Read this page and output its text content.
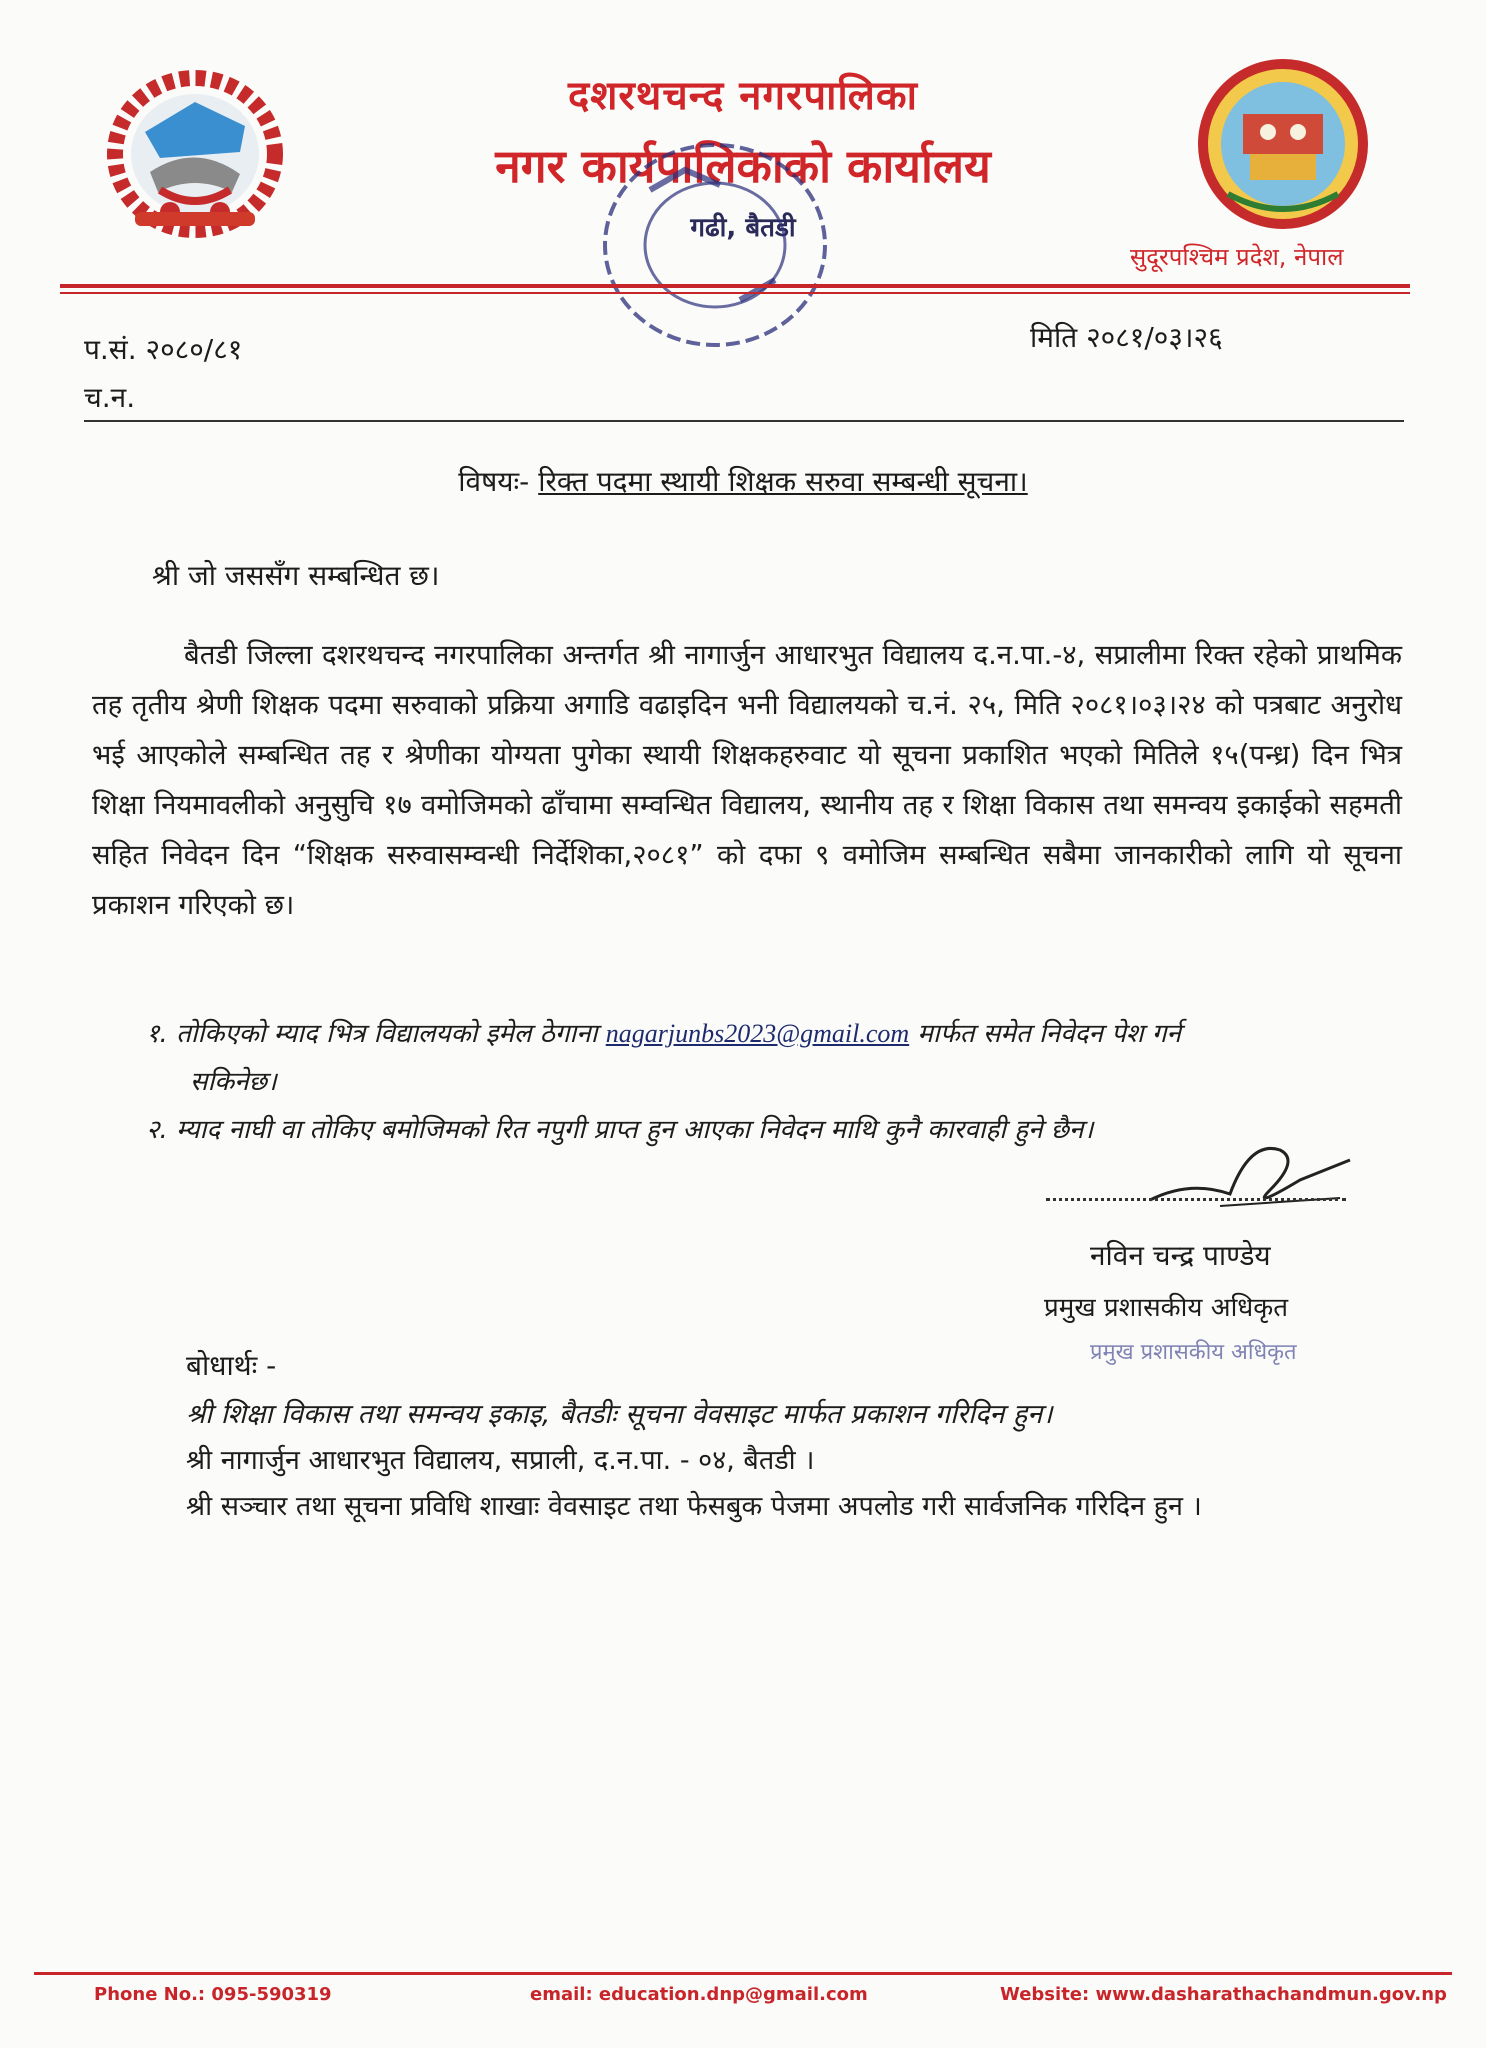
दशरथचन्द नगरपालिका
नगर कार्यपालिकाको कार्यालय
गढी, बैतडी
सुदूरपश्चिम प्रदेश, नेपाल
प.सं. २०८०/८१
च.न.
मिति २०८१/०३।२६
विषयः- रिक्त पदमा स्थायी शिक्षक सरुवा सम्बन्धी सूचना।
श्री जो जससँग सम्बन्धित छ।
बैतडी जिल्ला दशरथचन्द नगरपालिका अन्तर्गत श्री नागार्जुन आधारभुत विद्यालय द.न.पा.-४, सप्रालीमा रिक्त रहेको प्राथमिक तह तृतीय श्रेणी शिक्षक पदमा सरुवाको प्रक्रिया अगाडि वढाइदिन भनी विद्यालयको च.नं. २५, मिति २०८१।०३।२४ को पत्रबाट अनुरोध भई आएकोले सम्बन्धित तह र श्रेणीका योग्यता पुगेका स्थायी शिक्षकहरुवाट यो सूचना प्रकाशित भएको मितिले १५(पन्ध्र) दिन भित्र शिक्षा नियमावलीको अनुसुचि १७ वमोजिमको ढाँचामा सम्वन्धित विद्यालय, स्थानीय तह र शिक्षा विकास तथा समन्वय इकाईको सहमती सहित निवेदन दिन “शिक्षक सरुवासम्वन्धी निर्देशिका,२०८१” को दफा ९ वमोजिम सम्बन्धित सबैमा जानकारीको लागि यो सूचना प्रकाशन गरिएको छ।
१. तोकिएको म्याद भित्र विद्यालयको इमेल ठेगाना nagarjunbs2023@gmail.com मार्फत समेत निवेदन पेश गर्न
सकिनेछ।
२. म्याद नाघी वा तोकिए बमोजिमको रित नपुगी प्राप्त हुन आएका निवेदन माथि कुनै कारवाही हुने छैन।
नविन चन्द्र पाण्डेय
प्रमुख प्रशासकीय अधिकृत
प्रमुख प्रशासकीय अधिकृत
बोधार्थः -
श्री शिक्षा विकास तथा समन्वय इकाइ, बैतडीः सूचना वेवसाइट मार्फत प्रकाशन गरिदिन हुन।
श्री नागार्जुन आधारभुत विद्यालय, सप्राली, द.न.पा. - ०४, बैतडी ।
श्री सञ्चार तथा सूचना प्रविधि शाखाः वेवसाइट तथा फेसबुक पेजमा अपलोड गरी सार्वजनिक गरिदिन हुन ।
Phone No.: 095-590319	email: education.dnp@gmail.com	Website: www.dasharathachandmun.gov.np
